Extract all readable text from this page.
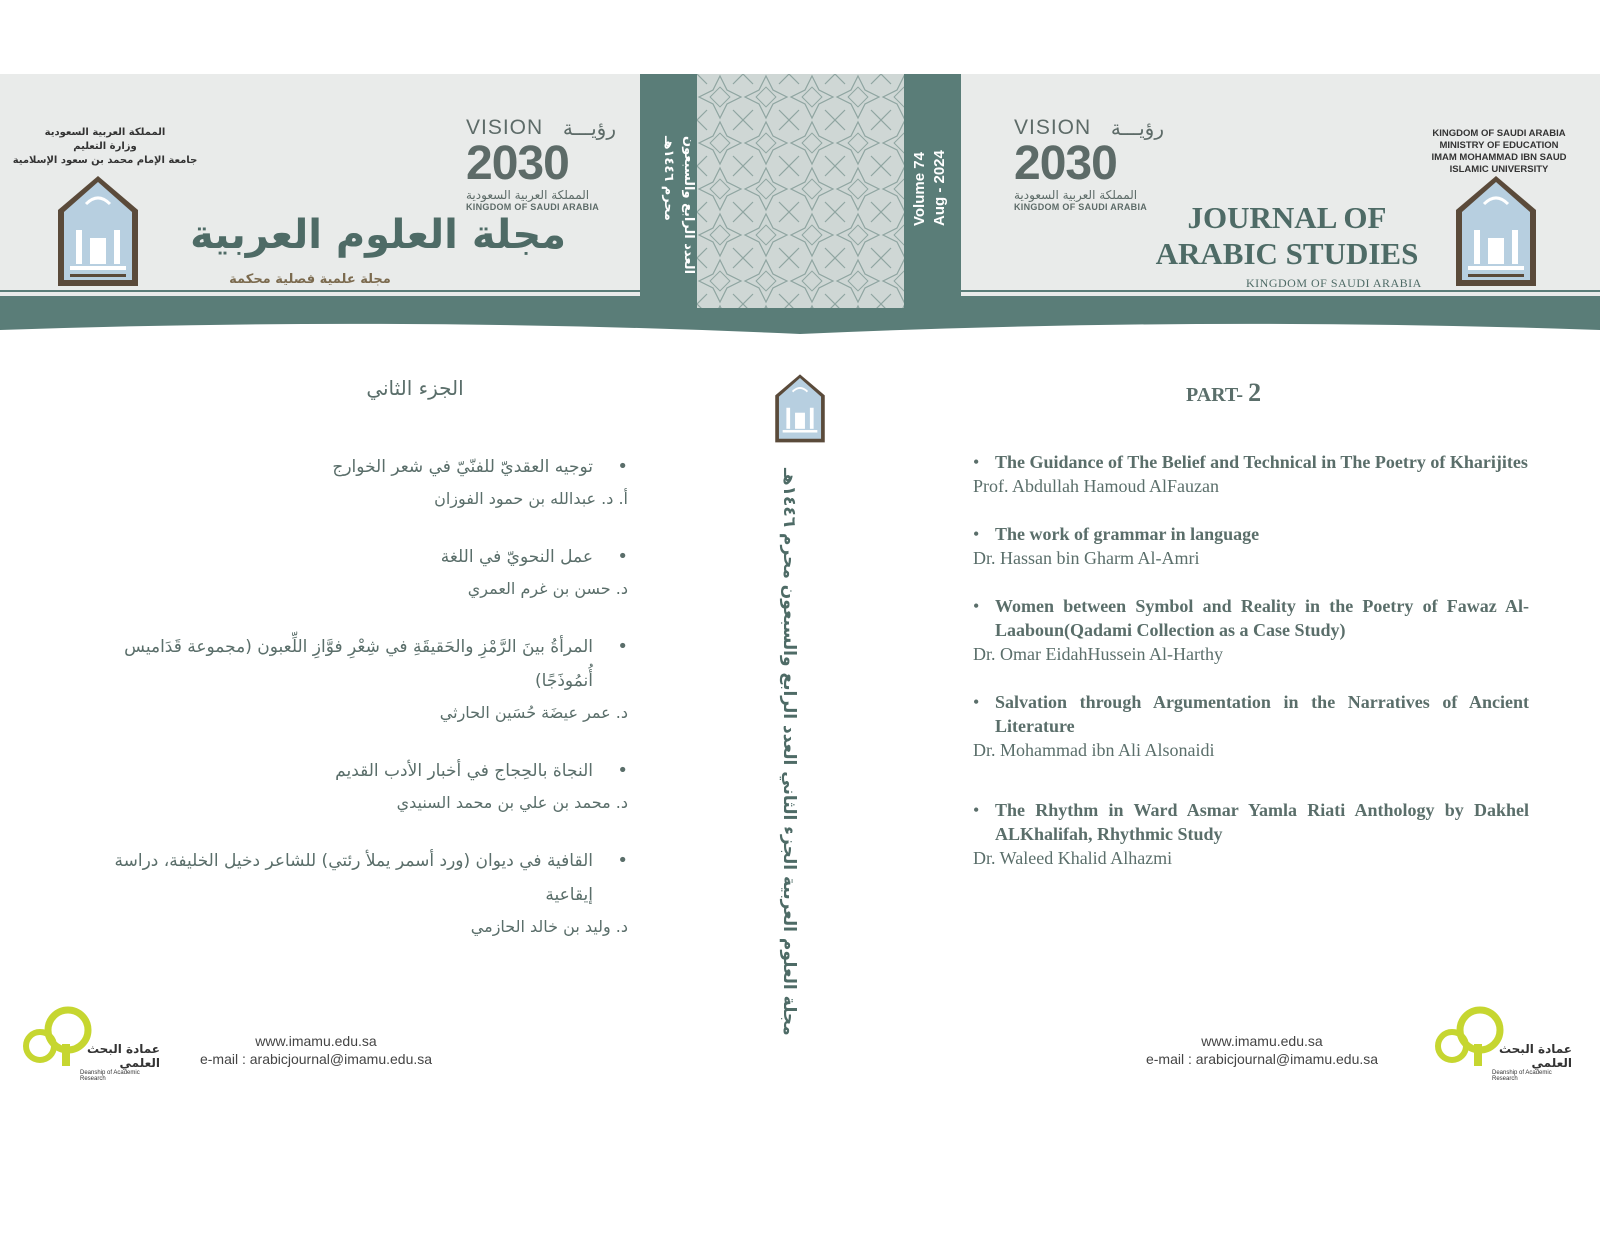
العدد الرابع والسبعون
محرم ١٤٤٦هـ	Volume 74 Aug - 2024
المملكة العربية السعودية
وزارة التعليم
جامعة الإمام محمد بن سعود الإسلامية
VISION رؤيـــة
2030
المملكة العربية السعودية
KINGDOM OF SAUDI ARABIA
مجلة العلوم العربية
مجلة علمية فصلية محكمة
VISION رؤيـــة
2030
المملكة العربية السعودية
KINGDOM OF SAUDI ARABIA	JOURNAL OF
ARABIC STUDIES
KINGDOM OF SAUDI ARABIA
KINGDOM OF SAUDI ARABIA
MINISTRY OF EDUCATION
IMAM MOHAMMAD IBN SAUD
ISLAMIC UNIVERSITY
الجزء الثاني
• توجيه العقديّ للفنّيّ في شعر الخوارج
أ. د. عبدالله بن حمود الفوزان
• عمل النحويّ في اللغة
د. حسن بن غرم العمري
• المرأةُ بينَ الرَّمْزِ والحَقيقَةِ في شِعْرِ فوَّازِ اللِّعبون (مجموعة قَدَاميس أُنمُوذَجًا)
د. عمر عيضَة حُسَين الحارثي
• النجاة بالحِجاج في أخبار الأدب القديم
د. محمد بن علي بن محمد السنيدي
• القافية في ديوان (ورد أسمر يملأ رئتي) للشاعر دخيل الخليفة، دراسة إيقاعية
د. وليد بن خالد الحازمي
مجلة العلوم العربية الجزء الثاني العدد الرابع والسبعون محرم ١٤٤٦هـ
PART- 2
• The Guidance of The Belief and Technical in The Poetry of Kharijites
Prof. Abdullah Hamoud AlFauzan
• The work of grammar in language
Dr. Hassan bin Gharm Al-Amri
• Women between Symbol and Reality in the Poetry of Fawaz Al-Laaboun(Qadami Collection as a Case Study)
Dr. Omar EidahHussein Al-Harthy
• Salvation through Argumentation in the Narratives of Ancient Literature
Dr. Mohammad ibn Ali Alsonaidi
• The Rhythm in Ward Asmar Yamla Riati Anthology by Dakhel ALKhalifah, Rhythmic Study
Dr. Waleed Khalid Alhazmi
عمادة البحث العلمي
Deanship of Academic Research
www.imamu.edu.sa
e-mail : arabicjournal@imamu.edu.sa
www.imamu.edu.sa
e-mail : arabicjournal@imamu.edu.sa
عمادة البحث العلمي
Deanship of Academic Research
